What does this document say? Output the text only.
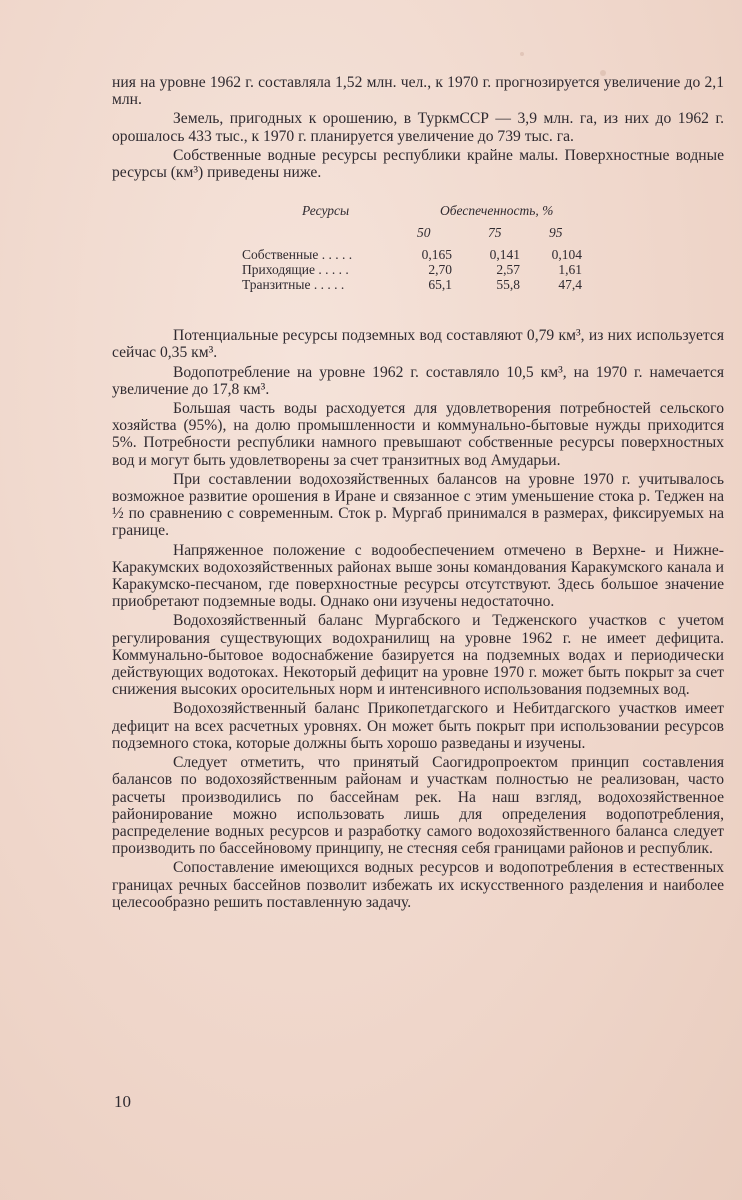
ния на уровне 1962 г. составляла 1,52 млн. чел., к 1970 г. прогнозируется увеличение до 2,1 млн.

Земель, пригодных к орошению, в ТуркмССР — 3,9 млн. га, из них до 1962 г. орошалось 433 тыс., к 1970 г. планируется увеличение до 739 тыс. га.

Собственные водные ресурсы республики крайне малы. Поверхностные водные ресурсы (км³) приведены ниже.

Ресурсы	Обеспеченность, %
50	75	95
Собственные . . . . .	0,165	0,141	0,104
Приходящие . . . . .	2,70	2,57	1,61
Транзитные . . . . .	65,1	55,8	47,4

Потенциальные ресурсы подземных вод составляют 0,79 км³, из них используется сейчас 0,35 км³.

Водопотребление на уровне 1962 г. составляло 10,5 км³, на 1970 г. намечается увеличение до 17,8 км³.

Большая часть воды расходуется для удовлетворения потребностей сельского хозяйства (95%), на долю промышленности и коммунально-бытовые нужды приходится 5%. Потребности республики намного превышают собственные ресурсы поверхностных вод и могут быть удовлетворены за счет транзитных вод Амударьи.

При составлении водохозяйственных балансов на уровне 1970 г. учитывалось возможное развитие орошения в Иране и связанное с этим уменьшение стока р. Теджен на ½ по сравнению с современным. Сток р. Мургаб принимался в размерах, фиксируемых на границе.

Напряженное положение с водообеспечением отмечено в Верхне- и Нижне-Каракумских водохозяйственных районах выше зоны командования Каракумского канала и Каракумско-песчаном, где поверхностные ресурсы отсутствуют. Здесь большое значение приобретают подземные воды. Однако они изучены недостаточно.

Водохозяйственный баланс Мургабского и Тедженского участков с учетом регулирования существующих водохранилищ на уровне 1962 г. не имеет дефицита. Коммунально-бытовое водоснабжение базируется на подземных водах и периодически действующих водотоках. Некоторый дефицит на уровне 1970 г. может быть покрыт за счет снижения высоких оросительных норм и интенсивного использования подземных вод.

Водохозяйственный баланс Прикопетдагского и Небитдагского участков имеет дефицит на всех расчетных уровнях. Он может быть покрыт при использовании ресурсов подземного стока, которые должны быть хорошо разведаны и изучены.

Следует отметить, что принятый Саогидропроектом принцип составления балансов по водохозяйственным районам и участкам полностью не реализован, часто расчеты производились по бассейнам рек. На наш взгляд, водохозяйственное районирование можно использовать лишь для определения водопотребления, распределение водных ресурсов и разработку самого водохозяйственного баланса следует производить по бассейновому принципу, не стесняя себя границами районов и республик.

Сопоставление имеющихся водных ресурсов и водопотребления в естественных границах речных бассейнов позволит избежать их искусственного разделения и наиболее целесообразно решить поставленную задачу.

10
